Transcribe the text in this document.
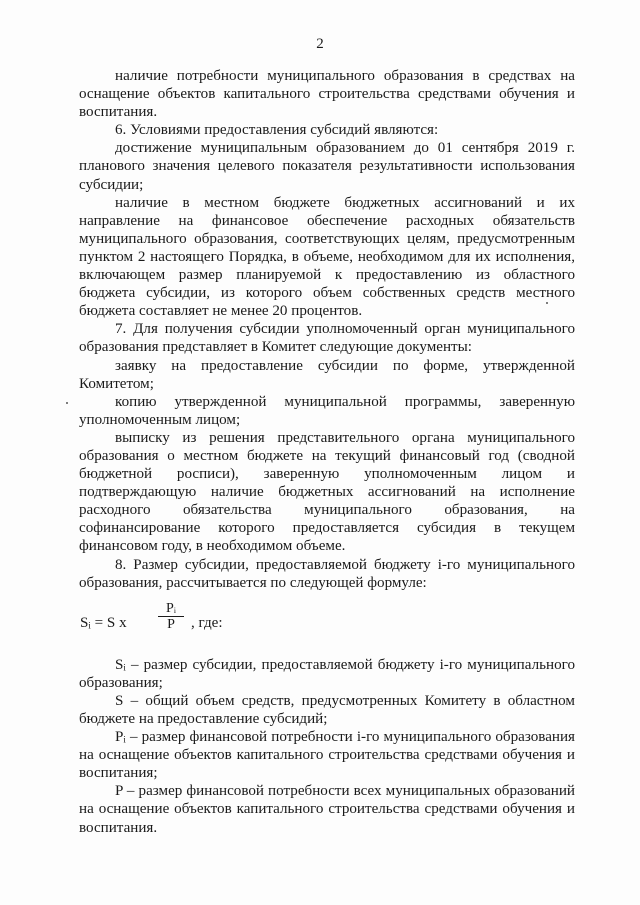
2

наличие потребности муниципального образования в средствах на оснащение объектов капитального строительства средствами обучения и воспитания.

6. Условиями предоставления субсидий являются:

достижение муниципальным образованием до 01 сентября 2019 г. планового значения целевого показателя результативности использования субсидии;

наличие в местном бюджете бюджетных ассигнований и их направление на финансовое обеспечение расходных обязательств муниципального образования, соответствующих целям, предусмотренным пунктом 2 настоящего Порядка, в объеме, необходимом для их исполнения, включающем размер планируемой к предоставлению из областного бюджета субсидии, из которого объем собственных средств местного бюджета составляет не менее 20 процентов.

7. Для получения субсидии уполномоченный орган муниципального образования представляет в Комитет следующие документы:

заявку на предоставление субсидии по форме, утвержденной Комитетом;

копию утвержденной муниципальной программы, заверенную уполномоченным лицом;

выписку из решения представительного органа муниципального образования о местном бюджете на текущий финансовый год (сводной бюджетной росписи), заверенную уполномоченным лицом и подтверждающую наличие бюджетных ассигнований на исполнение расходного обязательства муниципального образования, на софинансирование которого предоставляется субсидия в текущем финансовом году, в необходимом объеме.

8. Размер субсидии, предоставляемой бюджету i-го муниципального образования, рассчитывается по следующей формуле:

Sᵢ = S х $\frac{\text{Pᵢ}}{P}$ , где:

Sᵢ – размер субсидии, предоставляемой бюджету i-го муниципального образования;

S – общий объем средств, предусмотренных Комитету в областном бюджете на предоставление субсидий;

Pᵢ – размер финансовой потребности i-го муниципального образования на оснащение объектов капитального строительства средствами обучения и воспитания;

P – размер финансовой потребности всех муниципальных образований на оснащение объектов капитального строительства средствами обучения и воспитания.
